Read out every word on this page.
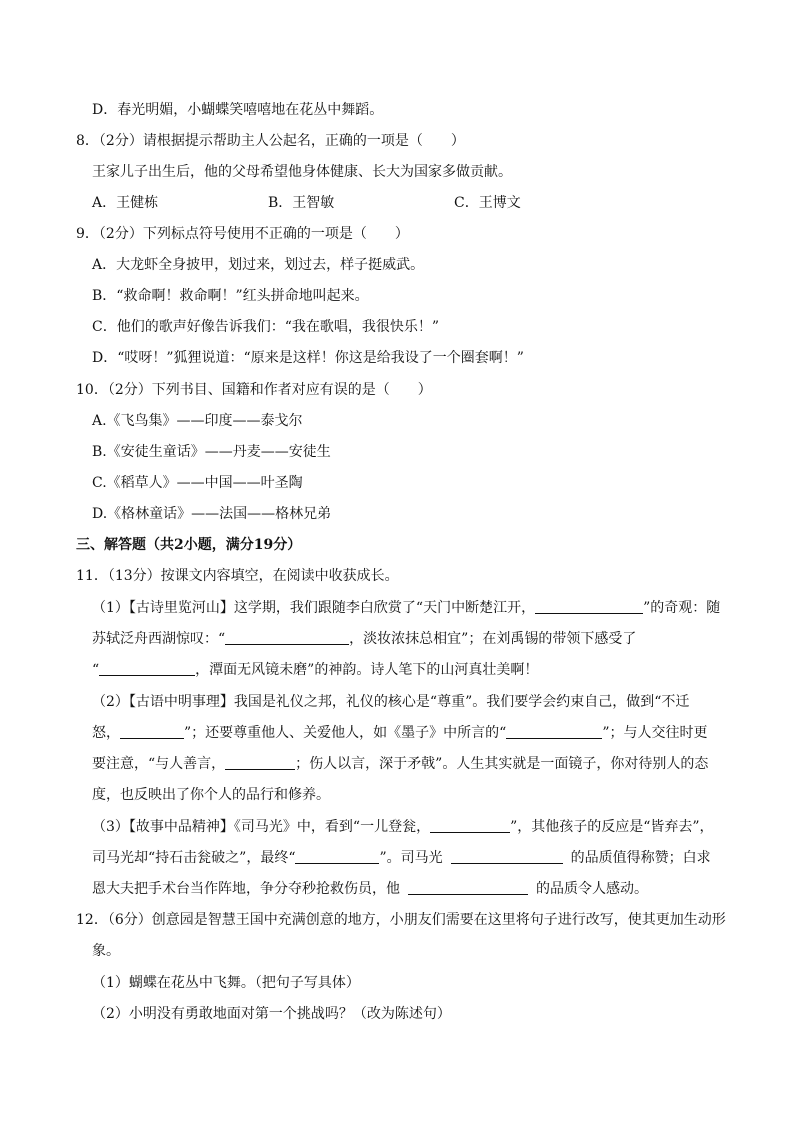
D．春光明媚，小蝴蝶笑嘻嘻地在花丛中舞蹈。
8．（2分）请根据提示帮助主人公起名，正确的一项是（　　）
王家儿子出生后，他的父母希望他身体健康、长大为国家多做贡献。
A．王健栋	B．王智敏	C．王博文
9．（2分）下列标点符号使用不正确的一项是（　　）
A．大龙虾全身披甲，划过来，划过去，样子挺威武。
B．“救命啊！救命啊！”红头拼命地叫起来。
C．他们的歌声好像告诉我们：“我在歌唱，我很快乐！”
D．“哎呀！”狐狸说道：“原来是这样！你这是给我设了一个圈套啊！”
10．（2分）下列书目、国籍和作者对应有误的是（　　）
A.《飞鸟集》——印度——泰戈尔
B.《安徒生童话》——丹麦——安徒生
C.《稻草人》——中国——叶圣陶
D.《格林童话》——法国——格林兄弟
三、解答题（共2小题，满分19分）
11．（13分）按课文内容填空，在阅读中收获成长。
（1）【古诗里览河山】这学期，我们跟随李白欣赏了“天门中断楚江开，	”的奇观：随
苏轼泛舟西湖惊叹：“	，淡妆浓抹总相宜”；在刘禹锡的带领下感受了
“	，潭面无风镜未磨”的神韵。诗人笔下的山河真壮美啊！
（2）【古语中明事理】我国是礼仪之邦，礼仪的核心是“尊重”。我们要学会约束自己，做到“不迁
怒，	”；还要尊重他人、关爱他人，如《墨子》中所言的“	”；与人交往时更
要注意，“与人善言，	；伤人以言，深于矛戟”。人生其实就是一面镜子，你对待别人的态
度，也反映出了你个人的品行和修养。
（3）【故事中品精神】《司马光》中，看到“一儿登瓮，	”，其他孩子的反应是“皆弃去”，
司马光却“持石击瓮破之”，最终“	”。司马光	的品质值得称赞；白求
恩大夫把手术台当作阵地，争分夺秒抢救伤员，他	的品质令人感动。
12．（6分）创意园是智慧王国中充满创意的地方，小朋友们需要在这里将句子进行改写，使其更加生动形
象。
（1）蝴蝶在花丛中飞舞。（把句子写具体）
（2）小明没有勇敢地面对第一个挑战吗？（改为陈述句）
